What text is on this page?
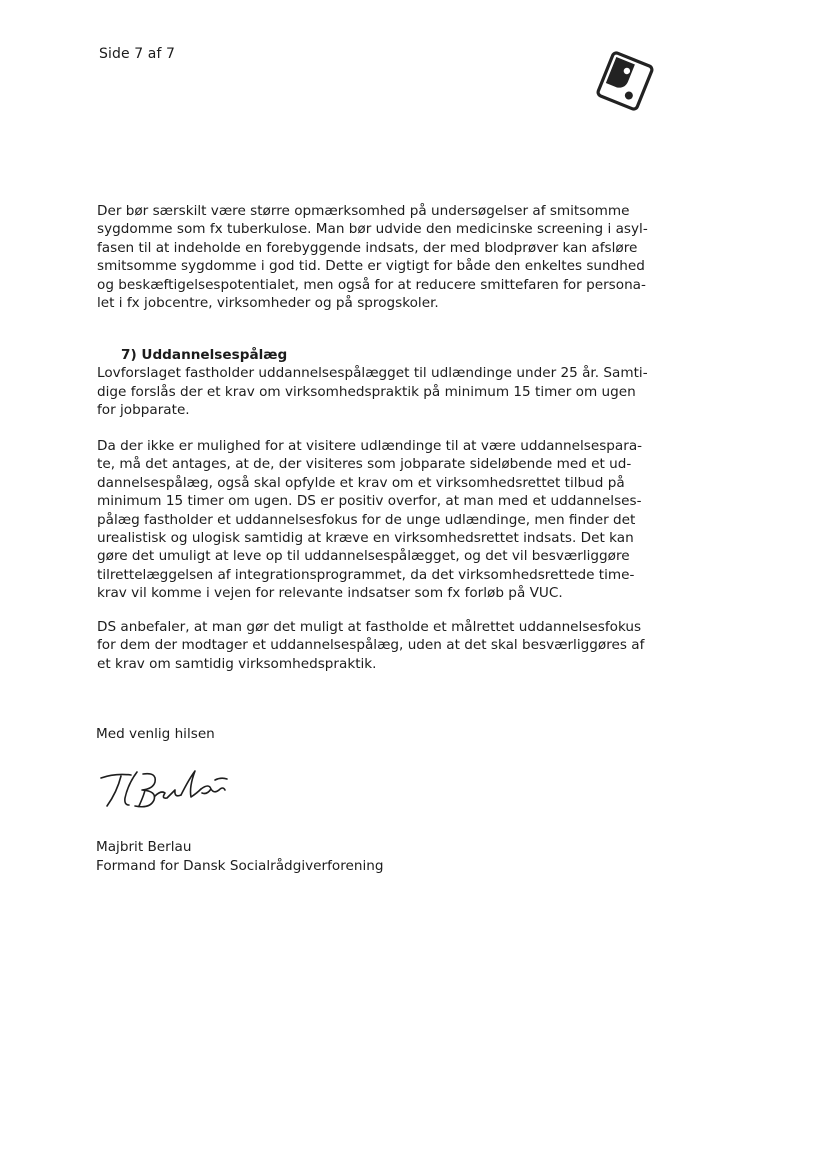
Side 7 af 7

Der bør særskilt være større opmærksomhed på undersøgelser af smitsomme
sygdomme som fx tuberkulose. Man bør udvide den medicinske screening i asyl-
fasen til at indeholde en forebyggende indsats, der med blodprøver kan afsløre
smitsomme sygdomme i god tid. Dette er vigtigt for både den enkeltes sundhed
og beskæftigelsespotentialet, men også for at reducere smittefaren for persona-
let i fx jobcentre, virksomheder og på sprogskoler.

7) Uddannelsespålæg
Lovforslaget fastholder uddannelsespålægget til udlændinge under 25 år. Samti-
dige forslås der et krav om virksomhedspraktik på minimum 15 timer om ugen
for jobparate.

Da der ikke er mulighed for at visitere udlændinge til at være uddannelsespara-
te, må det antages, at de, der visiteres som jobparate sideløbende med et ud-
dannelsespålæg, også skal opfylde et krav om et virksomhedsrettet tilbud på
minimum 15 timer om ugen. DS er positiv overfor, at man med et uddannelses-
pålæg fastholder et uddannelsesfokus for de unge udlændinge, men finder det
urealistisk og ulogisk samtidig at kræve en virksomhedsrettet indsats. Det kan
gøre det umuligt at leve op til uddannelsespålægget, og det vil besværliggøre
tilrettelæggelsen af integrationsprogrammet, da det virksomhedsrettede time-
krav vil komme i vejen for relevante indsatser som fx forløb på VUC.

DS anbefaler, at man gør det muligt at fastholde et målrettet uddannelsesfokus
for dem der modtager et uddannelsespålæg, uden at det skal besværliggøres af
et krav om samtidig virksomhedspraktik.

Med venlig hilsen
Majbrit Berlau
Formand for Dansk Socialrådgiverforening
